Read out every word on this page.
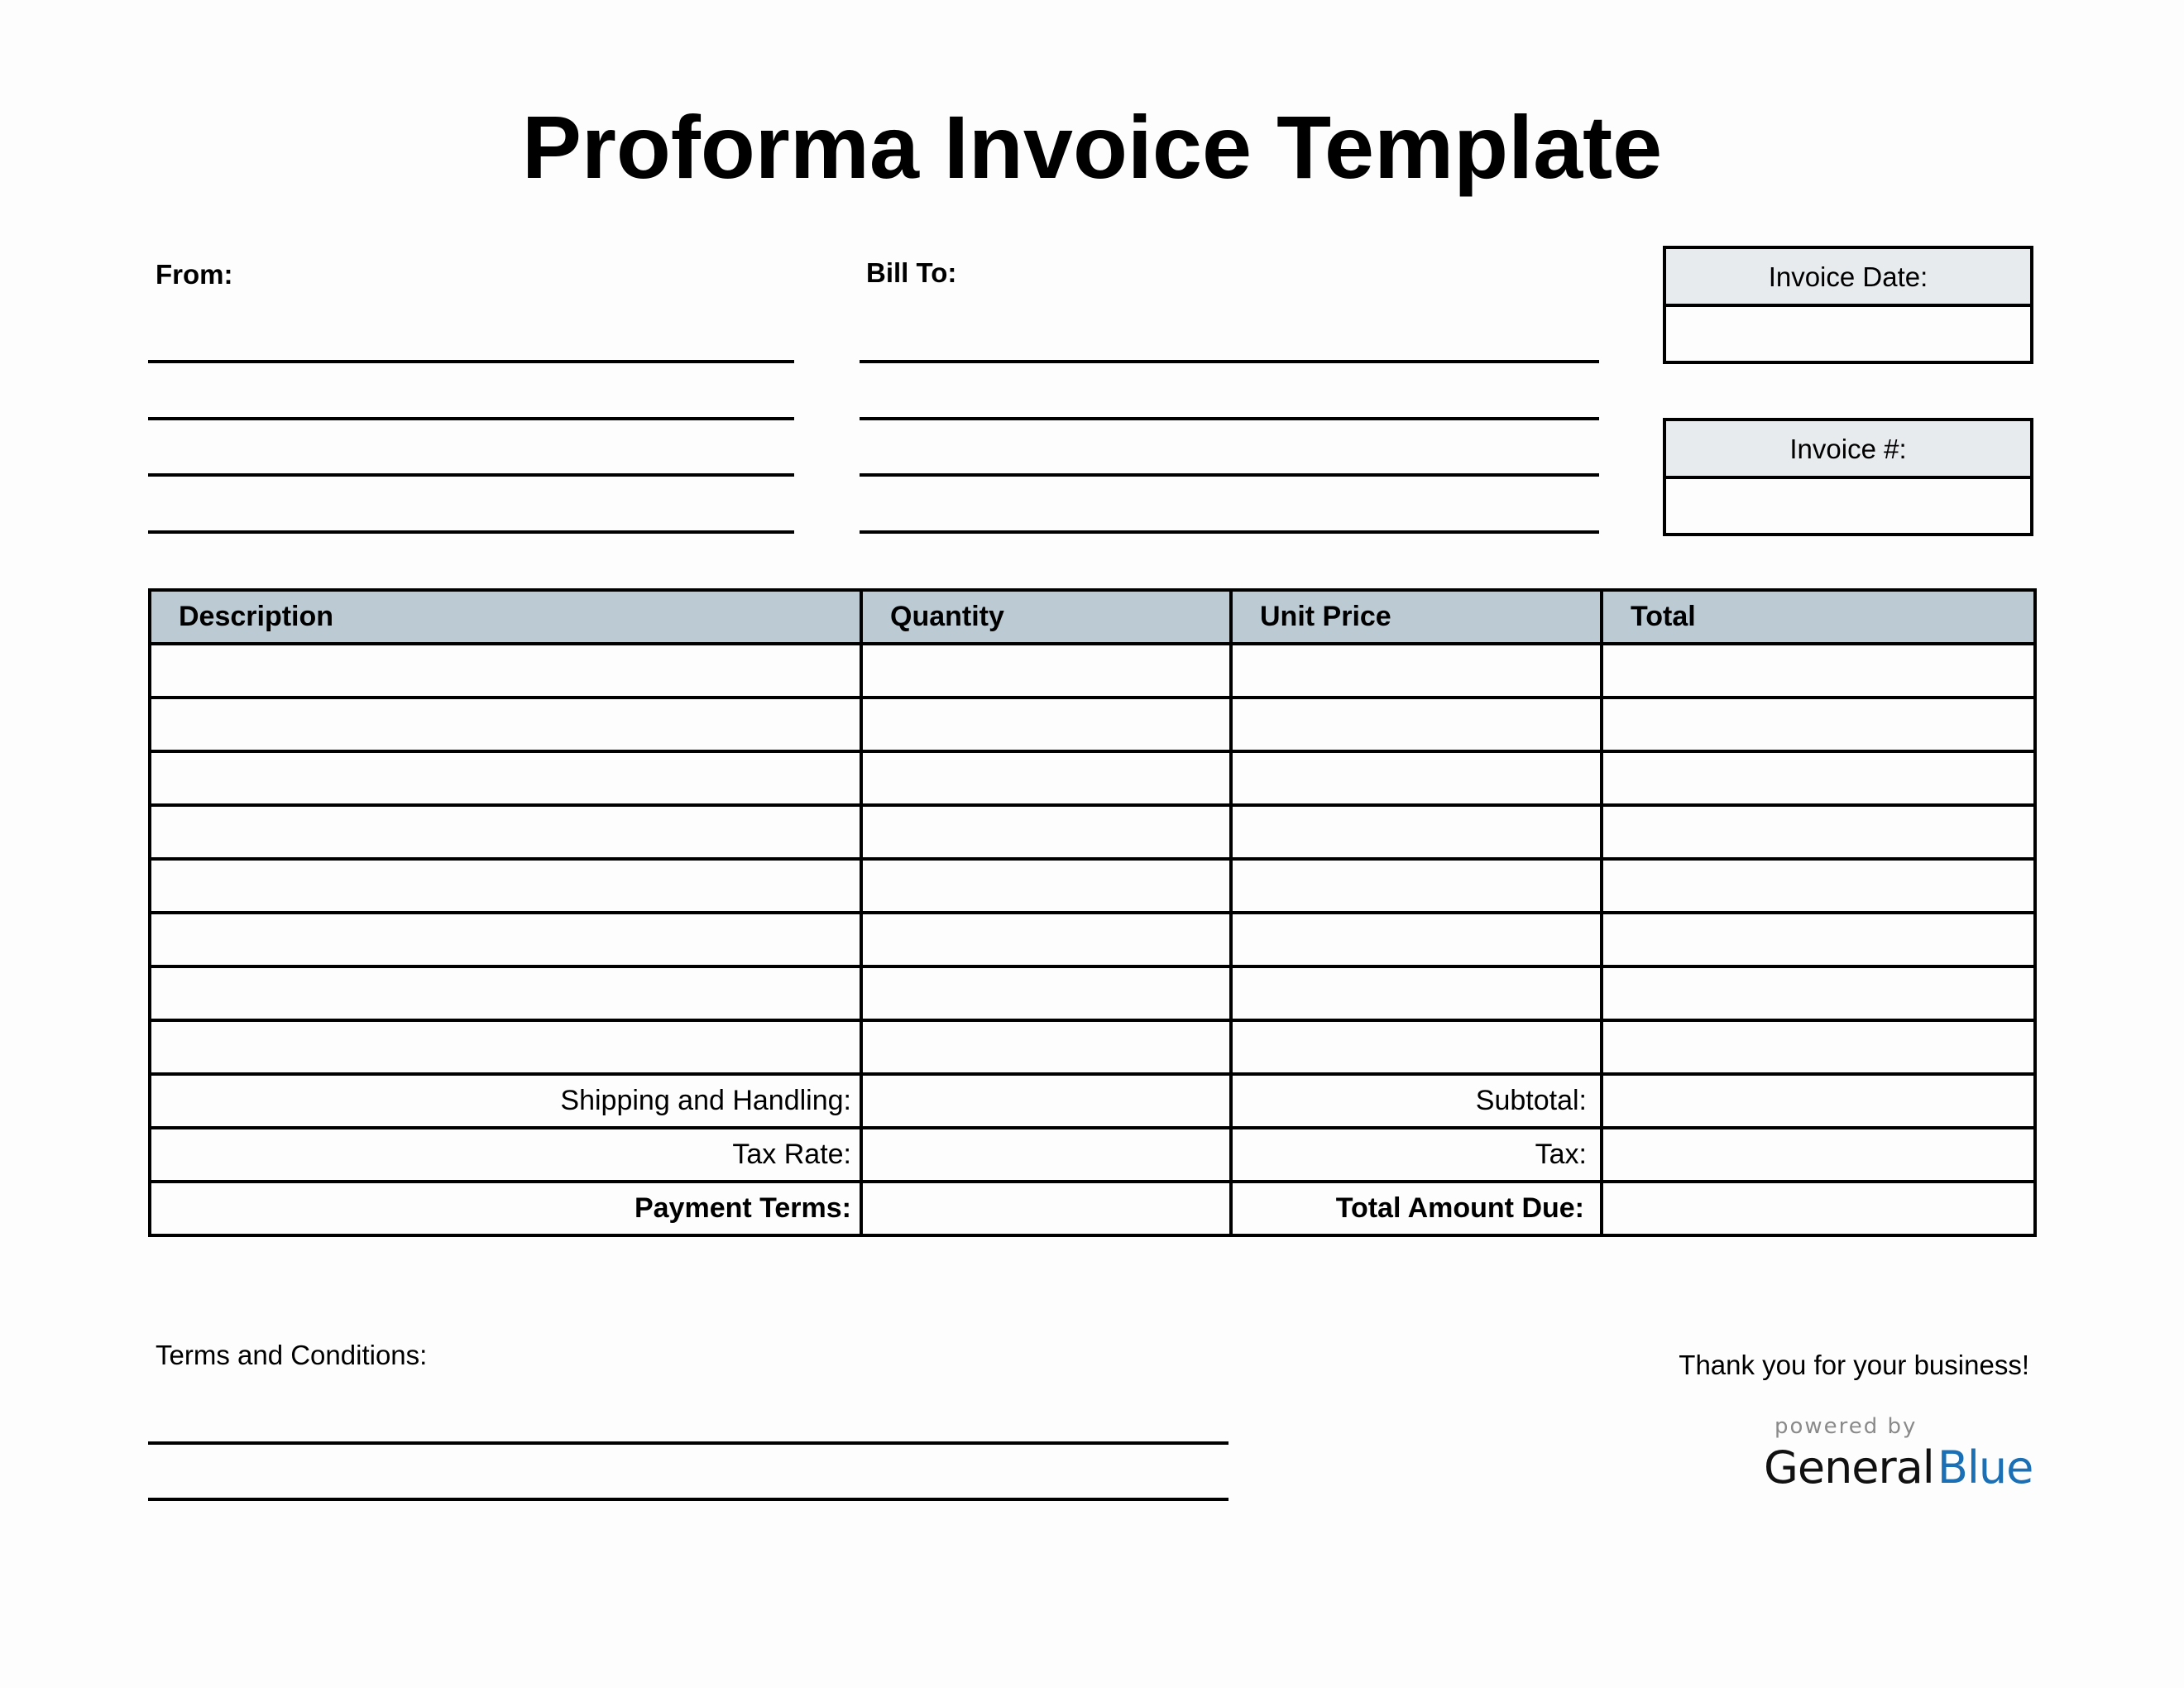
Proforma Invoice Template
From:	Bill To:	Invoice Date:
Invoice #:
Description	Quantity	Unit Price	Total

Shipping and Handling:		Subtotal:	
Tax Rate:		Tax:	
Payment Terms:		Total Amount Due:	
Terms and Conditions:	Thank you for your business!
powered by
GeneralBlue
